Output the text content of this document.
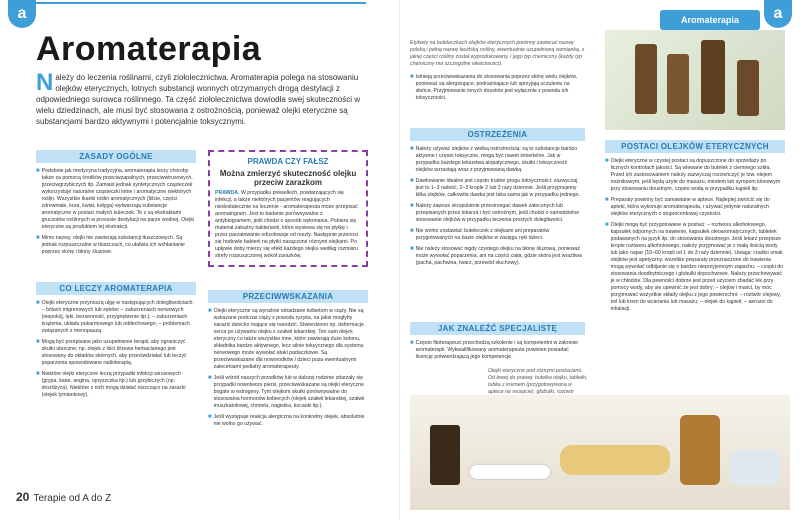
a
Aromaterapia
N ależy do leczenia roślinami, czyli ziołolecznictwa. Aromaterapia polega na stosowaniu olejków eterycznych, lotnych substancji wonnych otrzymanych drogą destylacji z odpowiedniego surowca roślinnego. Ta część ziołolecznictwa dowiodła swej skuteczności w wielu dziedzinach, ale musi być stosowana z ostrożnością, ponieważ olejki eteryczne są substancjami bardzo aktywnymi i potencjalnie toksycznymi.
ZASADY OGÓLNE
■ Podobnie jak medycyna tradycyjna, aromaterapia leczy choroby także za pomocą środków przeciwzapalnych, przeciwwirusowych, przeciwgrzybiczych itp. Zamiast jednak syntetycznych cząsteczek wykorzystuje naturalne cząsteczki lotne i aromatyczne niektórych roślin. Wszystkie tkanki roślin aromatycznych (liście, części zdrewniałe, kora, kwiat, kołyga) wytwarzają substancje aromatyczne w postaci małych kuleczek. Te z są ekstraktami gruczołów roślinnych w procesie destylacji na parze wodnej. Olejki eteryczne są produktem tej ekstrakcji.
■ Mimo nazwy, olejki nie zawierają substancji tłuszczowych. Są jednak rozpuszczalne w tłuszczach, co ułatwia ich wchłanianie poprzez skórę i błony śluzowe.
CO LECZY AROMATERAPIA
■ Olejki eteryczne przynoszą ulgę w następujących dolegliwościach: – bólach migrenowych lub zębów; – zaburzeniach nerwowych (niepokój, lęki, bezsenność, przygnębienie itp.); – zaburzeniach krążenia, układu pokarmowego lub oddechowego; – problemach związanych z menopauzą.
■ Mogą być przepisane jako uzupełnienie terapii, aby ograniczyć skutki uboczne; np. olejek z liści drzewa herbacianego jest stosowany do okładów skórnych, aby przeciwdziałać lub leczyć poparzenia spowodowane radioterapią.
■ Niektóre olejki eteryczne leczą przypadki infekcji wirusowych (grypa, katar, angina, opryszczka itp.) lub grzybiczych (np. drożdżyca). Niektóre z nich mogą działać niszcząco na zarazki (olejek tymiankowy).
PRAWDA CZY FAŁSZ
Można zmierzyć skuteczność olejku przeciw zarazkom
PRAWDA. W przypadku prewelkich, powtarzających się infekcji, a także niektórych pacjentów reagujących niedostatecznie na leczenie - aromaterapeuta może przepisać aromatogram. Jest to badanie porównywalne z antybiogramem, jeśli chodzi o sposób wykonania. Pobiera się materiał zakaźny bakteriami, które wysiewa się na płytkę i przez parzatowanie odizolowuje od reszty. Następnie przenosi się hodowle bakterii na płytki nasączone różnymi olejkami. Po upływie doby mierzy się efekt każdego olejku według rozmiaru strefy rozpuszczonej wokół zarazków.
PRZECIWWSKAZANIA
■ Olejki eteryczne są wyraźnie odradzane kobietom w ciąży. Nie są wskazane podczas ciąży z powodu ryzyka, na jakie mogłyby narazić dziecko mające się narodzić. Stwierdzono np. deformacje serca po używaniu olejku z szałwii lekarskiej. Ten sam olejek eteryczny co także wszystkie inne, które zawierają duże ketonu, składnika bardzo aktywnego, lecz silnie toksycznego dla systemu nerwowego może wywołać ataki padaczkowe. Są przeciwwskazane dla noworodków i dzieci poza ewentualnymi zaleceniami pediatry aromaterapeuty.
■ Jeśli wśród naszych przodków lub w dalszej rodzinie zdarzały się przypadki nowotworu piersi, przeciwwskazane są olejki eteryczne bogate w estrogeny. Tym olejkom skutki porównywalne do stosowania hormonów kobiecych (olejek szałwii lekarskiej, szałwii muszkatołowej, chmielu, nagietka, kocanki itp.).
■ Jeśli występuje reakcja alergiczna na konkretny olejek, absolutnie nie wolno go używać.
20 Terapie od A do Z
a
Aromaterapia
Etykiety na buteleczkach olejków eterycznych powinny zawierać nazwę polską i pełną nazwę łacińską rośliny, ewentualnie uzupełnioną wzmianką, z jakiej części rośliny został wyprodukowany, i jego typ chemiczny (każdy typ chemiczny ma szczególne właściwości).
■ Istnieją przeciwwskazania do stosowania poprzez skórę wielu olejków, ponieważ są alergizujące, podrażniające lub sprzyjają uczuleniu na słońce. Przyjmowanie innych doustnie jest wyłącznie z powodu ich toksyczności.
OSTRZEŻENIA
■ Należy używać olejków z wielką ostrożnością: są to substancje bardzo aktywne i często toksyczne, mogą być nawet śmiertelne. Jak w przypadku każdego lekarstwa alopatycznego, skutki i toksyczność olejków wzrastają wraz z przyjmowaną dawką.
■ Dawkowanie idealne jest często trudne progu toksyczności: zazwyczaj jest to 1–3 radość, 2–3 krople 2 lub 3 razy dziennie. Jeśli przyjmujemy kilka olejków, całkowita dawka jest taka sama jak w przypadku jednego.
■ Należy zawsze skrupulatnie przestrzegać dawek zaleconych lub przepisanych przez lekarza i być ostrożnym, jeśli chodzi o samodzielne stosowanie olejków w przypadku leczenia prostych dolegliwości.
■ Nie wolno zostawiać buteleczek z olejkami ani preparatów przygotowanych na bazie olejków w zasięgu ręki dzieci.
■ Nie należy stosować nigdy czystego olejku na błonę śluzową, ponieważ może wywołać poparzenia, ani na części ciała, gdzie skóra jest wrażliwa (pacha, pachwina, twarz, przewód słuchowy).
JAK ZNALEŹĆ SPECJALISTĘ
■ Często fitoterapeuci przechodzą szkolenie i są kompetentni w zakresie aromaterapii. Wykwalifikowany aromaterapeuta powinien posiadać licencję potwierdzającą jego kompetencje.
POSTACI OLEJKÓW ETERYCZNYCH
■ Olejki eteryczne w czystej postaci są dopuszczone do sprzedaży po licznych kontrolach jakości. Są wlewane do butelek z ciemnego szkła. Przed ich zastosowaniem należy zazwyczaj rozcieńczyć je tzw. olejem nośnikowym, jeśli będą użyte do masażu, miodem lub syropem klonowym przy stosowaniu doustnym, często wodą w przypadku kąpieli itp.
■ Preparaty powinny być zamawiane w aptece. Najlepiej zwrócić się do apteki, która wykonuje aromaterapeuta, i używać jedynie naturalnych olejków eterycznych o stuprocentowej czystości.
■ Olejki mogą być przygotowane w postaci: – roztworu alkoholowego, kapsułek odpornych na trawienie, kapsułek oleoaromatycznych, tabletek podawanych na język itp. do stosowania doustnego. Jeśli lekarz przepisze krople roztworu alkoholowego, należy przyjmować je z małą ilością wody lub jako napar (10–60 kropli od 1 do 3 razy dziennie). Uwaga: rzadko smak olejków jest apetyczny, wszelkie preparaty przeznaczone do trawienia mogą wywołać odbijanie się o bardzo nieprzyjemnym zapachu; – czopki do stosowania doodbytniczego i globulki dopochwowe. Należy przechowywać je w chłodzie. Dla pewności dobrze jest przed użyciem zbadać lek przy pomocy wody, aby się upewnić że jest dobry; – olejów i maści, by móc przyjmować wszystkie składy olejku z jego powierzchni: – roztwór olejowy, żel lub krem do wcierania lub masażu; – olejek do kąpieli; – aerozol do inhalacji.
Olejki eteryczne pod różnymi postaciami. Od lewej do prawej: butelka olejku, tabletki, tubka z kremem (przygotowywaną w aptece na recepcie), globulki, roztwór
